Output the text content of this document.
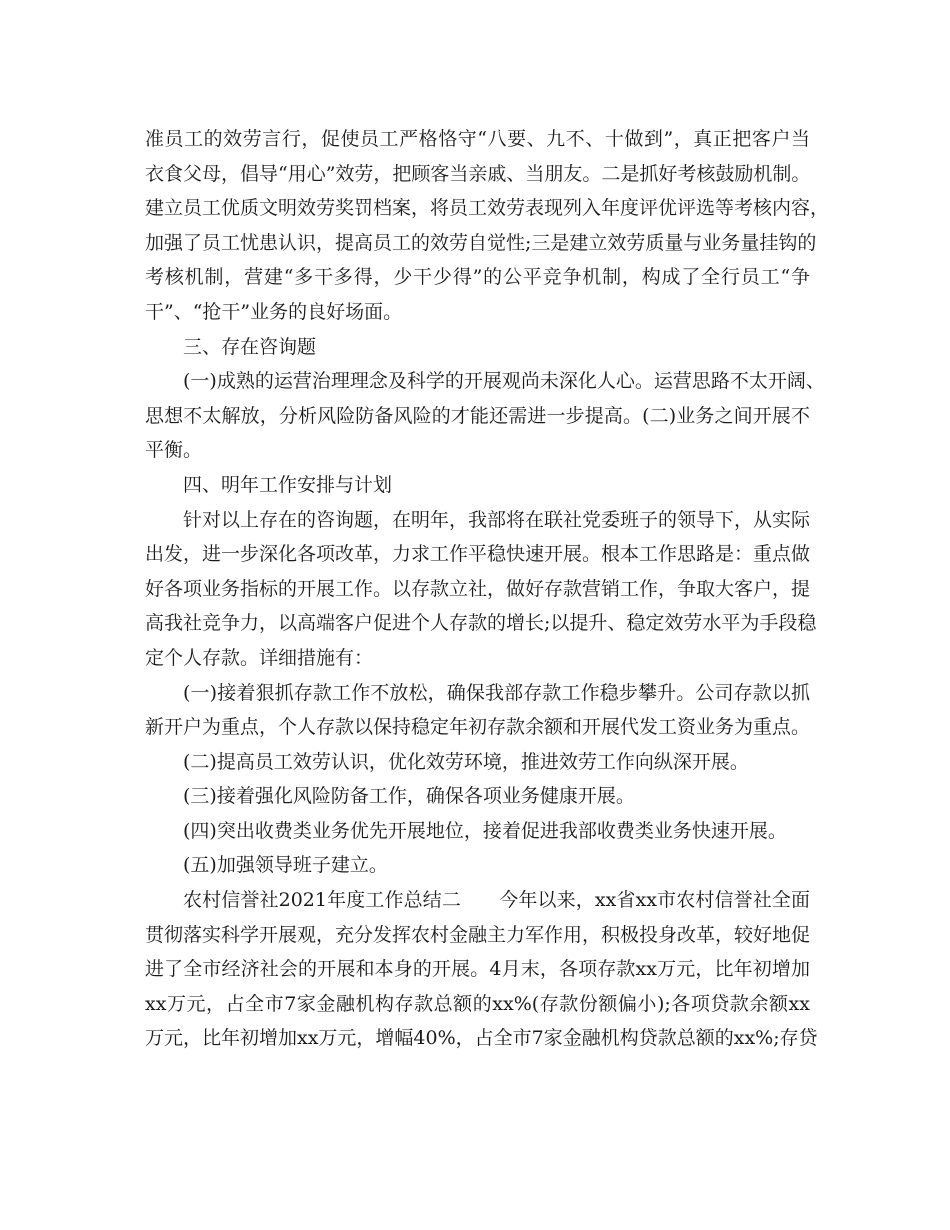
准员工的效劳言行，促使员工严格恪守“八要、九不、十做到”，真正把客户当
衣食父母，倡导“用心”效劳，把顾客当亲戚、当朋友。二是抓好考核鼓励机制。
建立员工优质文明效劳奖罚档案，将员工效劳表现列入年度评优评选等考核内容，
加强了员工忧患认识，提高员工的效劳自觉性;三是建立效劳质量与业务量挂钩的
考核机制，营建“多干多得，少干少得”的公平竞争机制，构成了全行员工“争
干”、“抢干”业务的良好场面。
三、存在咨询题
(一)成熟的运营治理理念及科学的开展观尚未深化人心。运营思路不太开阔、
思想不太解放，分析风险防备风险的才能还需进一步提高。(二)业务之间开展不
平衡。
四、明年工作安排与计划
针对以上存在的咨询题，在明年，我部将在联社党委班子的领导下，从实际
出发，进一步深化各项改革，力求工作平稳快速开展。根本工作思路是：重点做
好各项业务指标的开展工作。以存款立社，做好存款营销工作，争取大客户，提
高我社竞争力，以高端客户促进个人存款的增长;以提升、稳定效劳水平为手段稳
定个人存款。详细措施有：
(一)接着狠抓存款工作不放松，确保我部存款工作稳步攀升。公司存款以抓
新开户为重点，个人存款以保持稳定年初存款余额和开展代发工资业务为重点。
(二)提高员工效劳认识，优化效劳环境，推进效劳工作向纵深开展。
(三)接着强化风险防备工作，确保各项业务健康开展。
(四)突出收费类业务优先开展地位，接着促进我部收费类业务快速开展。
(五)加强领导班子建立。
农村信誉社2021年度工作总结二　　今年以来，xx省xx市农村信誉社全面
贯彻落实科学开展观，充分发挥农村金融主力军作用，积极投身改革，较好地促
进了全市经济社会的开展和本身的开展。4月末，各项存款xx万元，比年初增加
xx万元，占全市7家金融机构存款总额的xx%(存款份额偏小);各项贷款余额xx
万元，比年初增加xx万元，增幅40%，占全市7家金融机构贷款总额的xx%;存贷
